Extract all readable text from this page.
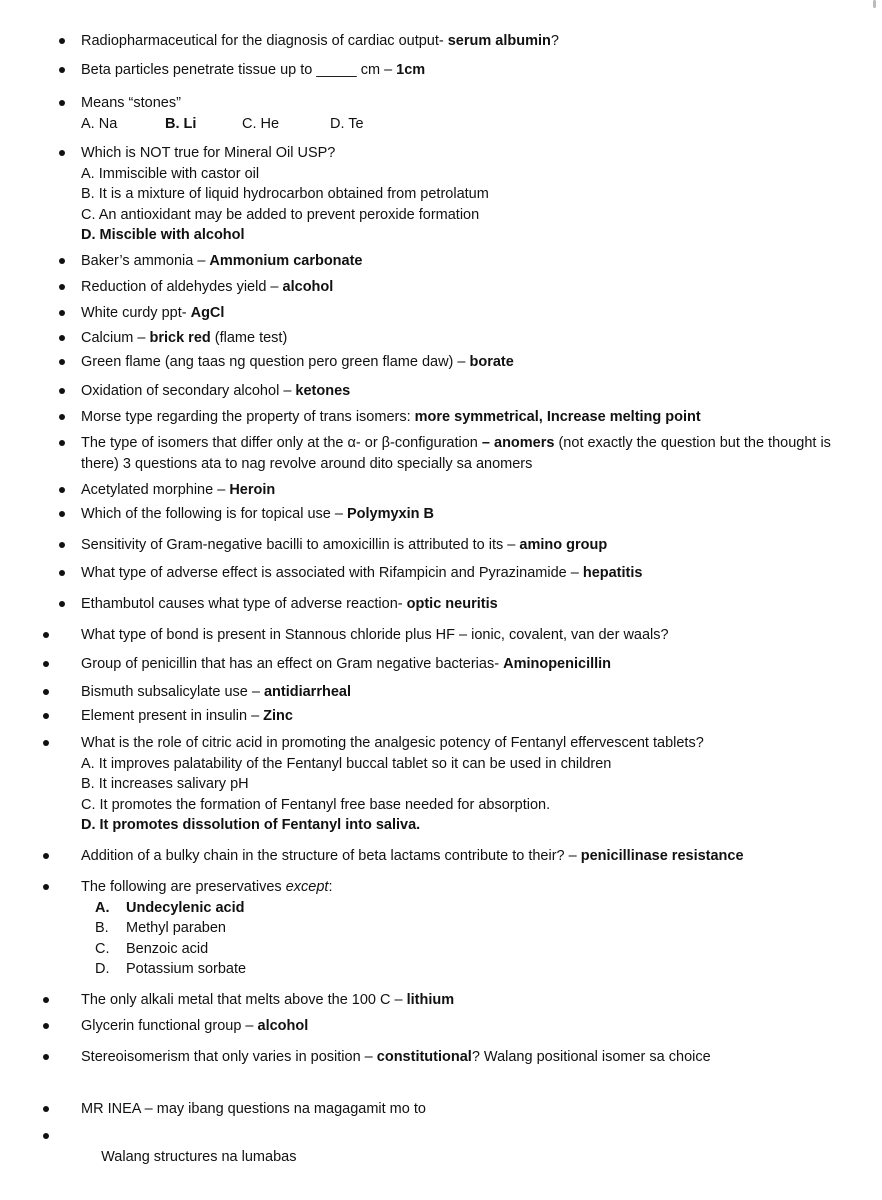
Radiopharmaceutical for the diagnosis of cardiac output- serum albumin?
Beta particles penetrate tissue up to _____ cm – 1cm
Means “stones”
A. Na	B. Li	C. He	D. Te
Which is NOT true for Mineral Oil USP?
A. Immiscible with castor oil
B. It is a mixture of liquid hydrocarbon obtained from petrolatum
C. An antioxidant may be added to prevent peroxide formation
D. Miscible with alcohol
Baker’s ammonia – Ammonium carbonate
Reduction of aldehydes yield – alcohol
White curdy ppt- AgCl
Calcium – brick red (flame test)
Green flame (ang taas ng question pero green flame daw) – borate
Oxidation of secondary alcohol – ketones
Morse type regarding the property of trans isomers: more symmetrical, Increase melting point
The type of isomers that differ only at the α- or β-configuration – anomers (not exactly the question but the thought is there) 3 questions ata to nag revolve around dito specially sa anomers
Acetylated morphine – Heroin
Which of the following is for topical use – Polymyxin B
Sensitivity of Gram-negative bacilli to amoxicillin is attributed to its – amino group
What type of adverse effect is associated with Rifampicin and Pyrazinamide – hepatitis
Ethambutol causes what type of adverse reaction- optic neuritis
What type of bond is present in Stannous chloride plus HF – ionic, covalent, van der waals?
Group of penicillin that has an effect on Gram negative bacterias- Aminopenicillin
Bismuth subsalicylate use – antidiarrheal
Element present in insulin – Zinc
What is the role of citric acid in promoting the analgesic potency of Fentanyl effervescent tablets?
A. It improves palatability of the Fentanyl buccal tablet so it can be used in children
B. It increases salivary pH
C. It promotes the formation of Fentanyl free base needed for absorption.
D. It promotes dissolution of Fentanyl into saliva.
Addition of a bulky chain in the structure of beta lactams contribute to their? – penicillinase resistance
The following are preservatives except:
A. Undecylenic acid
B. Methyl paraben
C. Benzoic acid
D. Potassium sorbate
The only alkali metal that melts above the 100 C – lithium
Glycerin functional group – alcohol
Stereoisomerism that only varies in position – constitutional? Walang positional isomer sa choice
MR INEA – may ibang questions na magagamit mo to

Walang structures na lumabas
